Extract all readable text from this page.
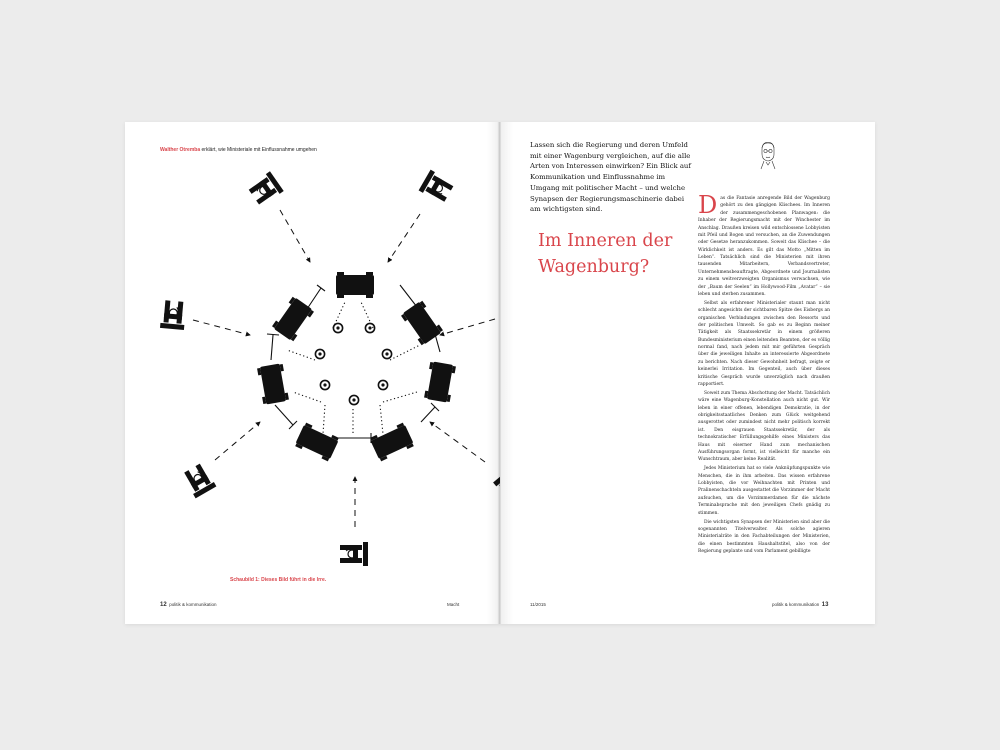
Walther Otremba erklärt, wie Ministeriale mit Einflussnahme umgehen
Schaubild 1: Dieses Bild führt in die Irre.
12 politik & kommunikation	Macht
Lassen sich die Regierung und deren Umfeld mit einer Wagenburg vergleichen, auf die alle Arten von Interessen einwirken? Ein Blick auf Kommunikation und Einflussnahme im Umgang mit politischer Macht – und welche Synapsen der Regierungsmaschinerie dabei am wichtigsten sind.
Im Inneren der Wagenburg?

Das die Fantasie anregende Bild der Wagenburg gehört zu den gängigen Klischees. Im Inneren der zusammengeschobenen Planwagen: die Inhaber der Regierungsmacht mit der Winchester im Anschlag. Draußen kreisen wild entschlossene Lobbyisten mit Pfeil und Bogen und versuchen, an die Zuwendungen oder Gesetze heranzukommen. Soweit das Klischee – die Wirklichkeit ist anders. Es gilt das Motto „Mitten im Leben“. Tatsächlich sind die Ministerien mit ihren tausenden Mitarbeitern, Verbandsvertreter, Unternehmensbeauftragte, Abgeordnete und Journalisten zu einem weitverzweigten Organismus verwachsen, wie der „Baum der Seelen“ im Hollywood-Film „Avatar“ – sie leben und sterben zusammen.

Selbst als erfahrener Ministerialer staunt man nicht schlecht angesichts der sichtbaren Spitze des Eisbergs an organischen Verbindungen zwischen den Ressorts und der politischen Umwelt. So gab es zu Beginn meiner Tätigkeit als Staatssekretär in einem größeren Bundesministerium einen leitenden Beamten, der es völlig normal fand, nach jedem mit mir geführten Gespräch über die jeweiligen Inhalte an interessierte Abgeordnete zu berichten. Nach dieser Gewohnheit befragt, zeigte er keinerlei Irritation. Im Gegenteil, auch über dieses kritische Gespräch wurde unverzüglich nach draußen rapportiert.

Soweit zum Thema Abschottung der Macht. Tatsächlich wäre eine Wagenburg-Konstellation auch nicht gut. Wir leben in einer offenen, lebendigen Demokratie, in der obrigkeitsstaatliches Denken zum Glück weitgehend ausgerottet oder zumindest nicht mehr politisch korrekt ist. Den eisgrauen Staatssekretär, der als technokratischer Erfüllungsgehilfe eines Ministers das Haus mit eiserner Hand zum mechanischen Ausführungsorgan formt, ist vielleicht für manche ein Wunschtraum, aber keine Realität.

Jedes Ministerium hat so viele Anknüpfungspunkte wie Menschen, die in ihm arbeiten. Das wissen erfahrene Lobbyisten, die vor Weihnachten mit Printen und Pralinenschachteln ausgestattet die Vorzimmer der Macht aufsuchen, um die Vorzimmerdamen für die nächste Terminabsprache mit den jeweiligen Chefs gnädig zu stimmen.

Die wichtigsten Synapsen der Ministerien sind aber die sogenannten Titelverwalter. Als solche agieren Ministerialräte in den Fachabteilungen der Ministerien, die einen bestimmten Haushaltstitel, also von der Regierung geplante und vom Parlament gebilligte

11/2015	politik & kommunikation 13
